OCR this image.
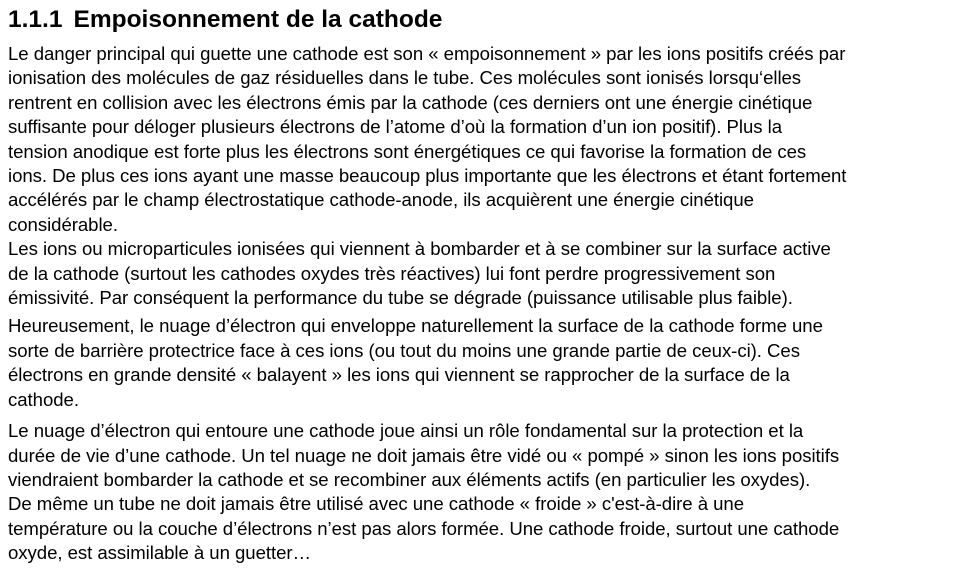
1.1.1 Empoisonnement de la cathode

Le danger principal qui guette une cathode est son « empoisonnement » par les ions positifs créés par
ionisation des molécules de gaz résiduelles dans le tube. Ces molécules sont ionisés lorsqu‘elles
rentrent en collision avec les électrons émis par la cathode (ces derniers ont une énergie cinétique
suffisante pour déloger plusieurs électrons de l’atome d’où la formation d’un ion positif). Plus la
tension anodique est forte plus les électrons sont énergétiques ce qui favorise la formation de ces
ions. De plus ces ions ayant une masse beaucoup plus importante que les électrons et étant fortement
accélérés par le champ électrostatique cathode-anode, ils acquièrent une énergie cinétique
considérable.

Les ions ou microparticules ionisées qui viennent à bombarder et à se combiner sur la surface active
de la cathode (surtout les cathodes oxydes très réactives) lui font perdre progressivement son
émissivité. Par conséquent la performance du tube se dégrade (puissance utilisable plus faible).

Heureusement, le nuage d’électron qui enveloppe naturellement la surface de la cathode forme une
sorte de barrière protectrice face à ces ions (ou tout du moins une grande partie de ceux-ci). Ces
électrons en grande densité « balayent » les ions qui viennent se rapprocher de la surface de la
cathode.

Le nuage d’électron qui entoure une cathode joue ainsi un rôle fondamental sur la protection et la
durée de vie d’une cathode. Un tel nuage ne doit jamais être vidé ou « pompé » sinon les ions positifs
viendraient bombarder la cathode et se recombiner aux éléments actifs (en particulier les oxydes).

De même un tube ne doit jamais être utilisé avec une cathode « froide » c'est-à-dire à une
température ou la couche d’électrons n’est pas alors formée. Une cathode froide, surtout une cathode
oxyde, est assimilable à un guetter…
